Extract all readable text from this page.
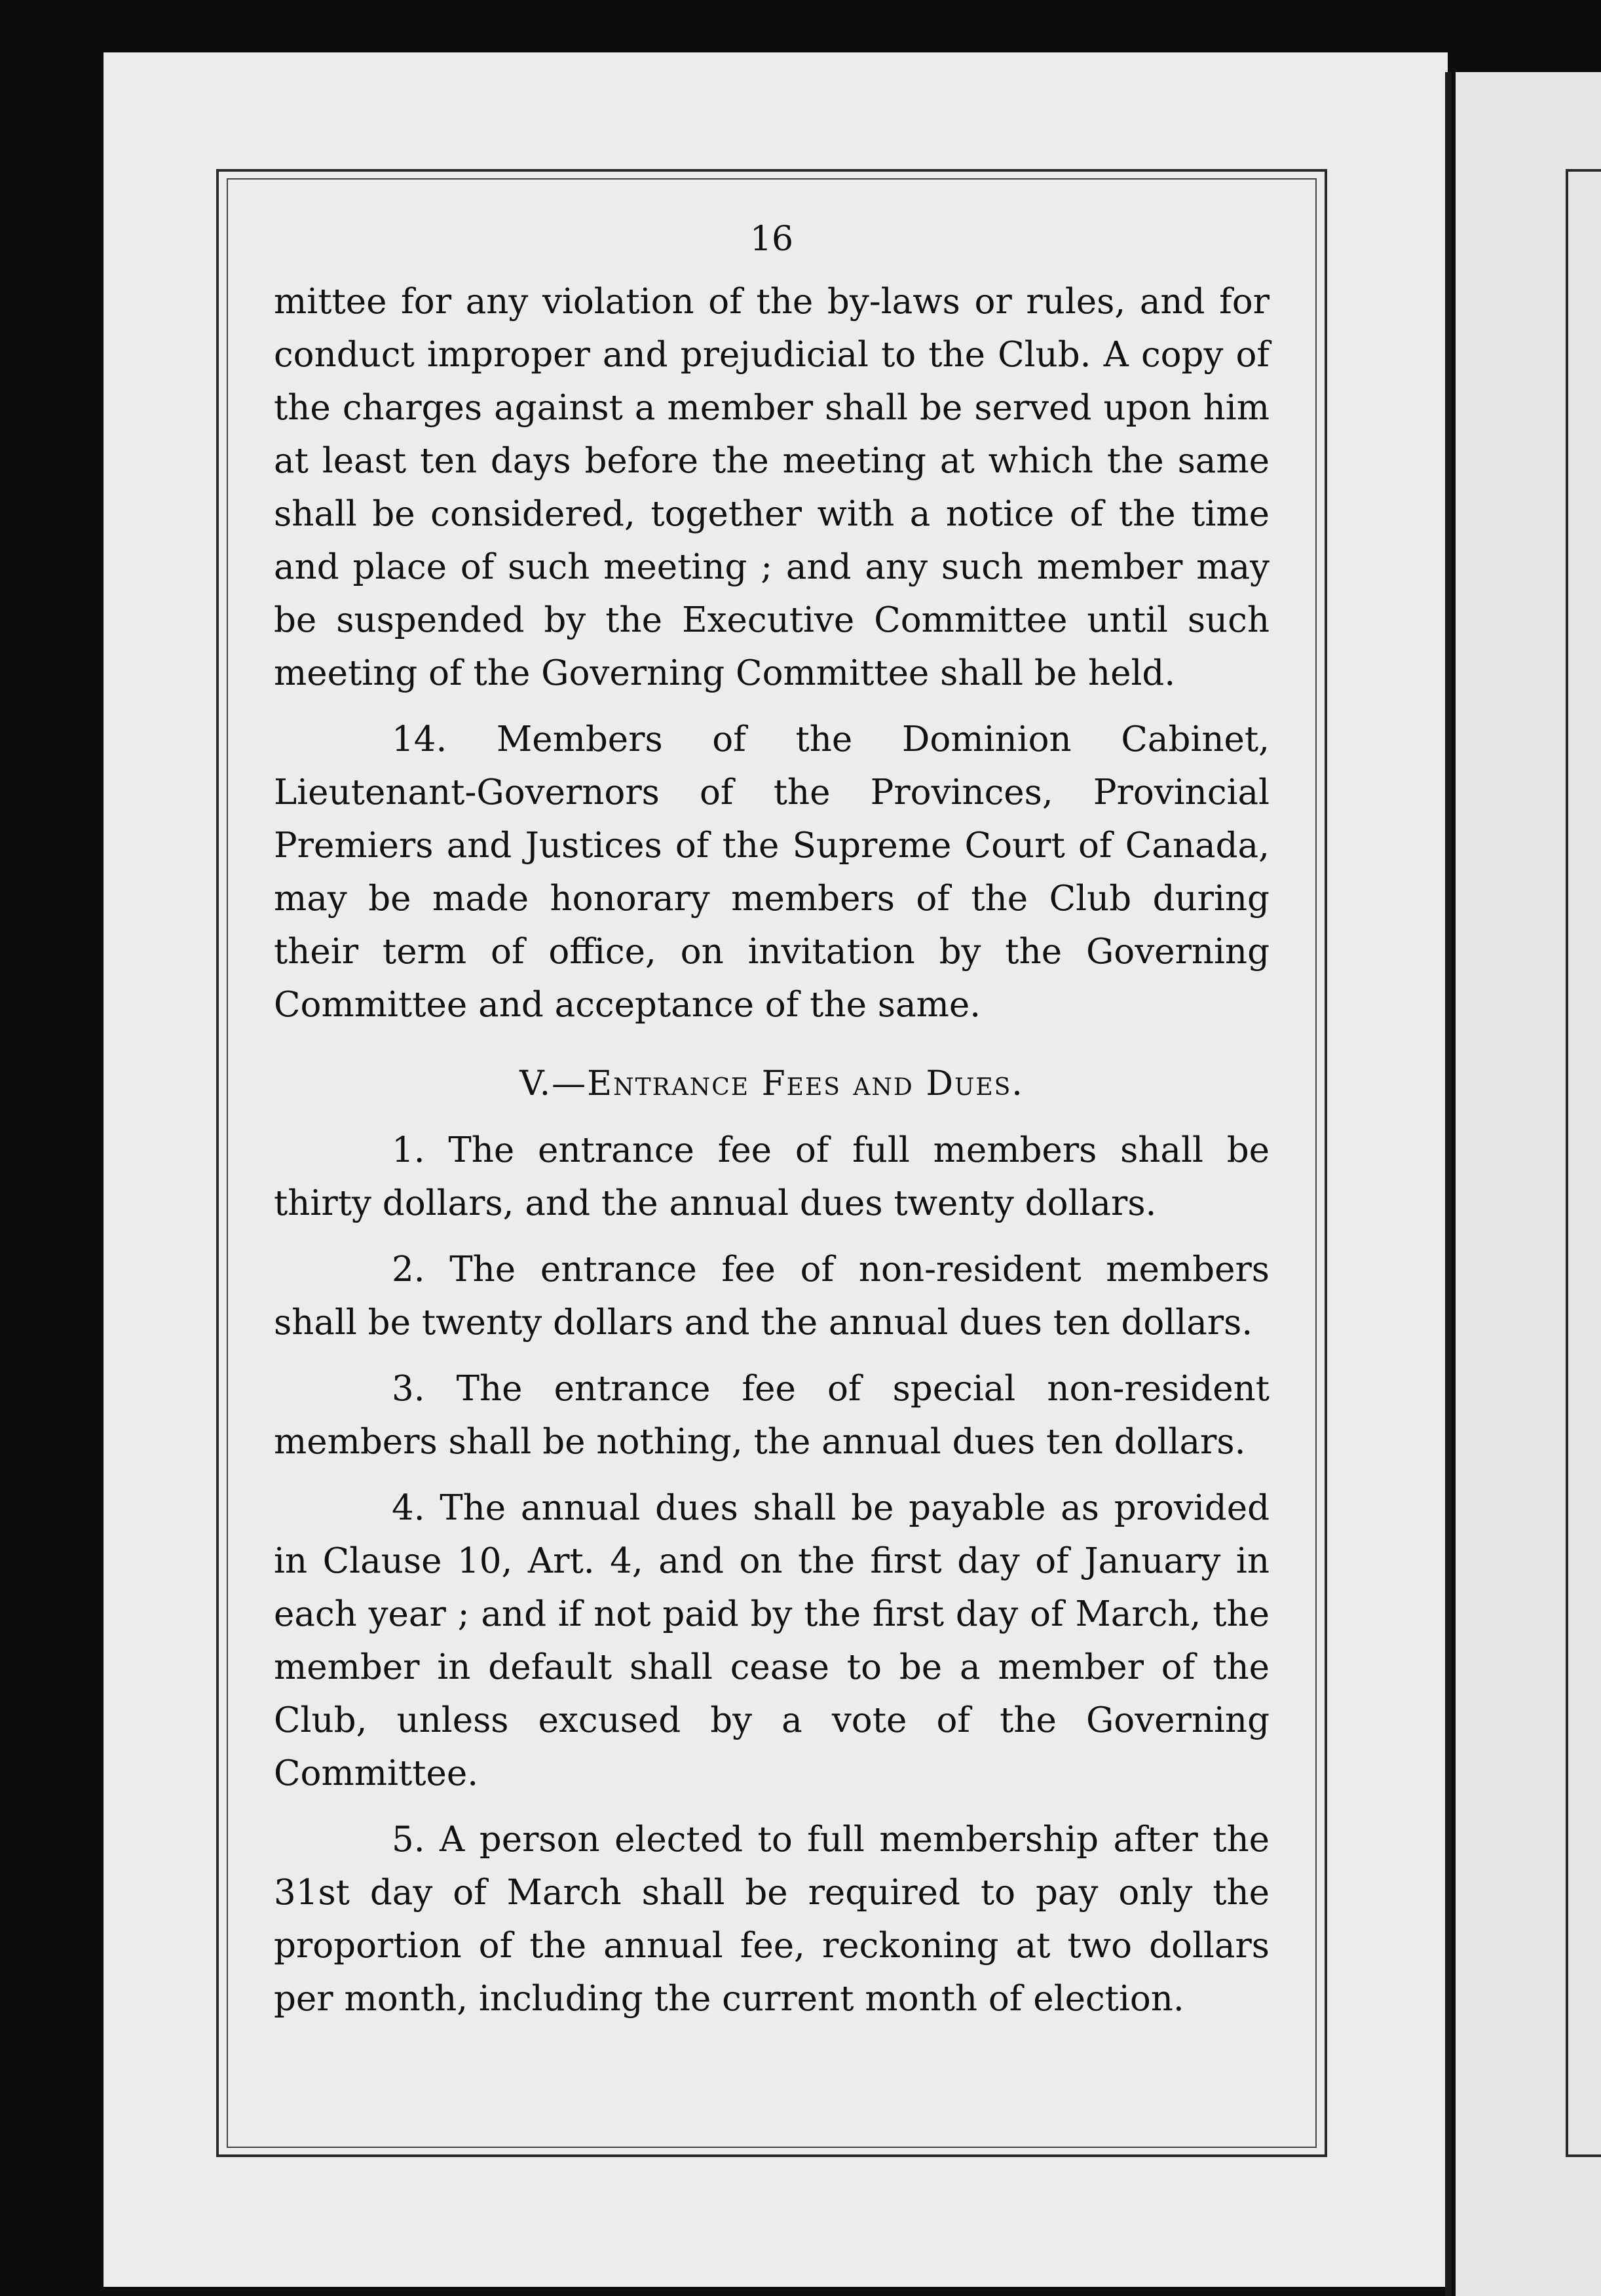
16

mittee for any violation of the by-laws or rules, and for conduct improper and prejudicial to the Club. A copy of the charges against a member shall be served upon him at least ten days before the meeting at which the same shall be considered, together with a notice of the time and place of such meeting ; and any such member may be suspended by the Executive Committee until such meeting of the Governing Committee shall be held.

14. Members of the Dominion Cabinet, Lieutenant-Governors of the Provinces, Provincial Premiers and Justices of the Supreme Court of Canada, may be made honorary members of the Club during their term of office, on invitation by the Governing Committee and acceptance of the same.

V.—Entrance Fees and Dues.

1. The entrance fee of full members shall be thirty dollars, and the annual dues twenty dollars.

2. The entrance fee of non-resident members shall be twenty dollars and the annual dues ten dollars.

3. The entrance fee of special non-resident members shall be nothing, the annual dues ten dollars.

4. The annual dues shall be payable as provided in Clause 10, Art. 4, and on the first day of January in each year ; and if not paid by the first day of March, the member in default shall cease to be a member of the Club, unless excused by a vote of the Governing Committee.

5. A person elected to full membership after the 31st day of March shall be required to pay only the proportion of the annual fee, reckoning at two dollars per month, including the current month of election.
